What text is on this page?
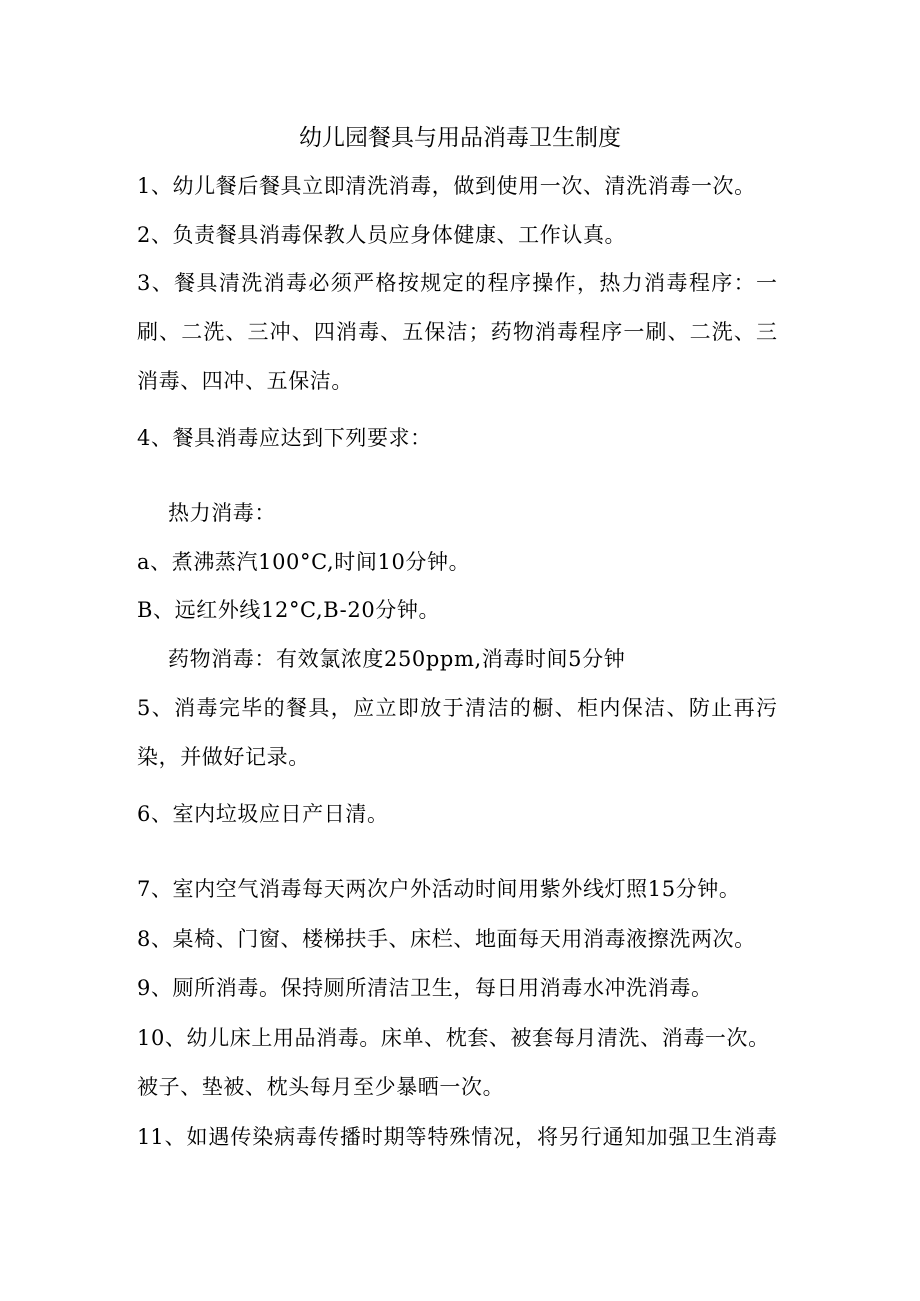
幼儿园餐具与用品消毒卫生制度
1、幼儿餐后餐具立即清洗消毒，做到使用一次、清洗消毒一次。
2、负责餐具消毒保教人员应身体健康、工作认真。
3、餐具清洗消毒必须严格按规定的程序操作，热力消毒程序：一
刷、二洗、三冲、四消毒、五保洁；药物消毒程序一刷、二洗、三
消毒、四冲、五保洁。
4、餐具消毒应达到下列要求：
热力消毒：
a、煮沸蒸汽100°C,时间10分钟。
B、远红外线12°C,B-20分钟。
药物消毒：有效氯浓度250ppm,消毒时间5分钟
5、消毒完毕的餐具，应立即放于清洁的橱、柜内保洁、防止再污
染，并做好记录。
6、室内垃圾应日产日清。
7、室内空气消毒每天两次户外活动时间用紫外线灯照15分钟。
8、桌椅、门窗、楼梯扶手、床栏、地面每天用消毒液擦洗两次。
9、厕所消毒。保持厕所清洁卫生，每日用消毒水冲洗消毒。
10、幼儿床上用品消毒。床单、枕套、被套每月清洗、消毒一次。
被子、垫被、枕头每月至少暴晒一次。
11、如遇传染病毒传播时期等特殊情况，将另行通知加强卫生消毒
